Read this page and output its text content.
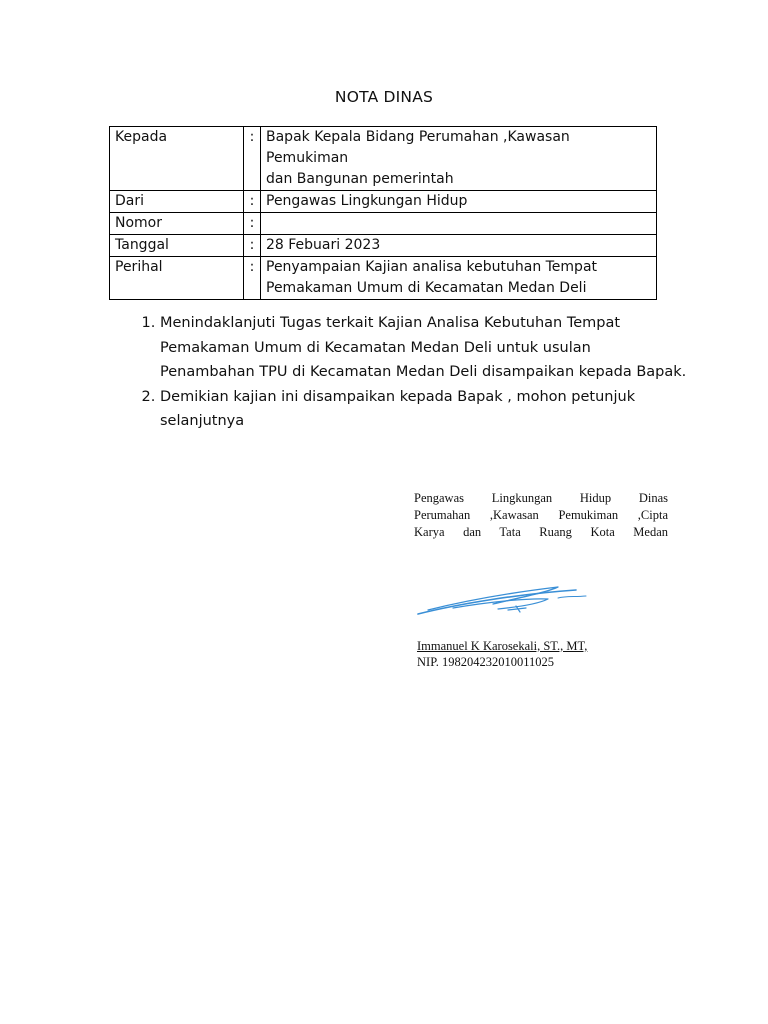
NOTA DINAS
Kepada	:	Bapak Kepala Bidang Perumahan ,Kawasan Pemukiman
dan Bangunan pemerintah

Dari	:	Pengawas Lingkungan Hidup

Nomor	:	

Tanggal	:	28 Febuari 2023

Perihal	:	Penyampaian Kajian analisa kebutuhan Tempat
Pemakaman Umum di Kecamatan Medan Deli
1. Menindaklanjuti Tugas terkait Kajian Analisa Kebutuhan Tempat Pemakaman Umum di Kecamatan Medan Deli untuk usulan Penambahan TPU di Kecamatan Medan Deli disampaikan kepada Bapak.
2. Demikian kajian ini disampaikan kepada Bapak , mohon petunjuk selanjutnya
Pengawas Lingkungan Hidup Dinas
Perumahan ,Kawasan Pemukiman ,Cipta
Karya dan Tata Ruang Kota Medan
Immanuel K Karosekali, ST., MT,
NIP. 198204232010011025
